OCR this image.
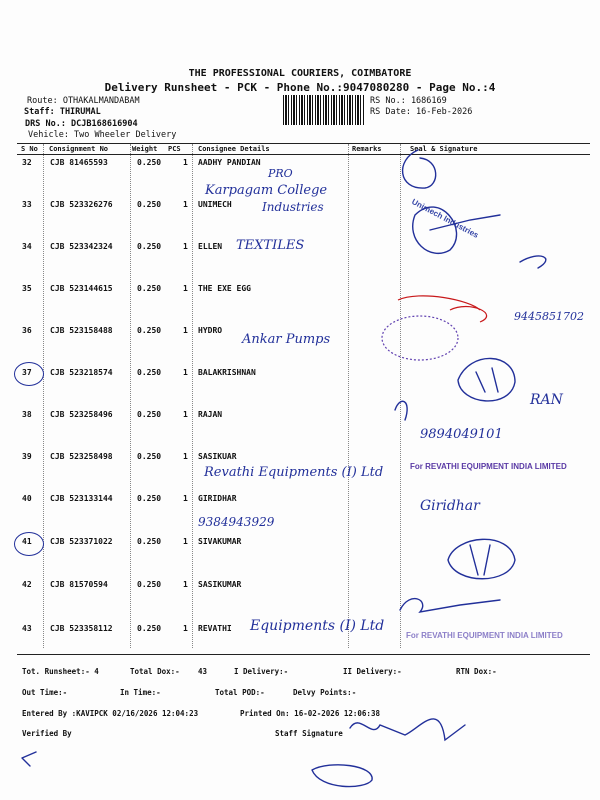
THE PROFESSIONAL COURIERS, COIMBATORE
Delivery Runsheet - PCK - Phone No.:9047080280 - Page No.:4
Route: OTHAKALMANDABAM
Staff: THIRUMAL
DRS No.: DCJB168616904
Vehicle: Two Wheeler Delivery
RS No.: 1686169
RS Date: 16-Feb-2026
S No Consignment No	Weight PCS Consignee Details	Remarks	Seal & Signature
32 CJB 81465593	0.250	1 AADHY PANDIAN
33 CJB 523326276	0.250	1 UNIMECH
34 CJB 523342324	0.250	1 ELLEN
35 CJB 523144615	0.250	1 THE EXE EGG
36 CJB 523158488	0.250	1 HYDRO
37 CJB 523218574	0.250	1 BALAKRISHNAN
38 CJB 523258496	0.250	1 RAJAN
39 CJB 523258498	0.250	1 SASIKUAR
40 CJB 523133144	0.250	1 GIRIDHAR
41 CJB 523371022	0.250	1 SIVAKUMAR
42 CJB 81570594	0.250	1 SASIKUMAR
43 CJB 523358112	0.250	1 REVATHI
PRO
Karpagam College
Industries
TEXTILES
Ankar Pumps
9445851702
RAN
9894049101
Revathi Equipments (I) Ltd
9384943929
Giridhar
Equipments (I) Ltd
Unimech Industries
For REVATHI EQUIPMENT INDIA LIMITED
For REVATHI EQUIPMENT INDIA LIMITED
Tot. Runsheet:- 4	Total Dox:- 43	I Delivery:-	II Delivery:-	RTN Dox:-
Out Time:-	In Time:-	Total POD:-	Delvy Points:-
Entered By :KAVIPCK 02/16/2026 12:04:23	Printed On: 16-02-2026 12:06:38
Verified By	Staff Signature
